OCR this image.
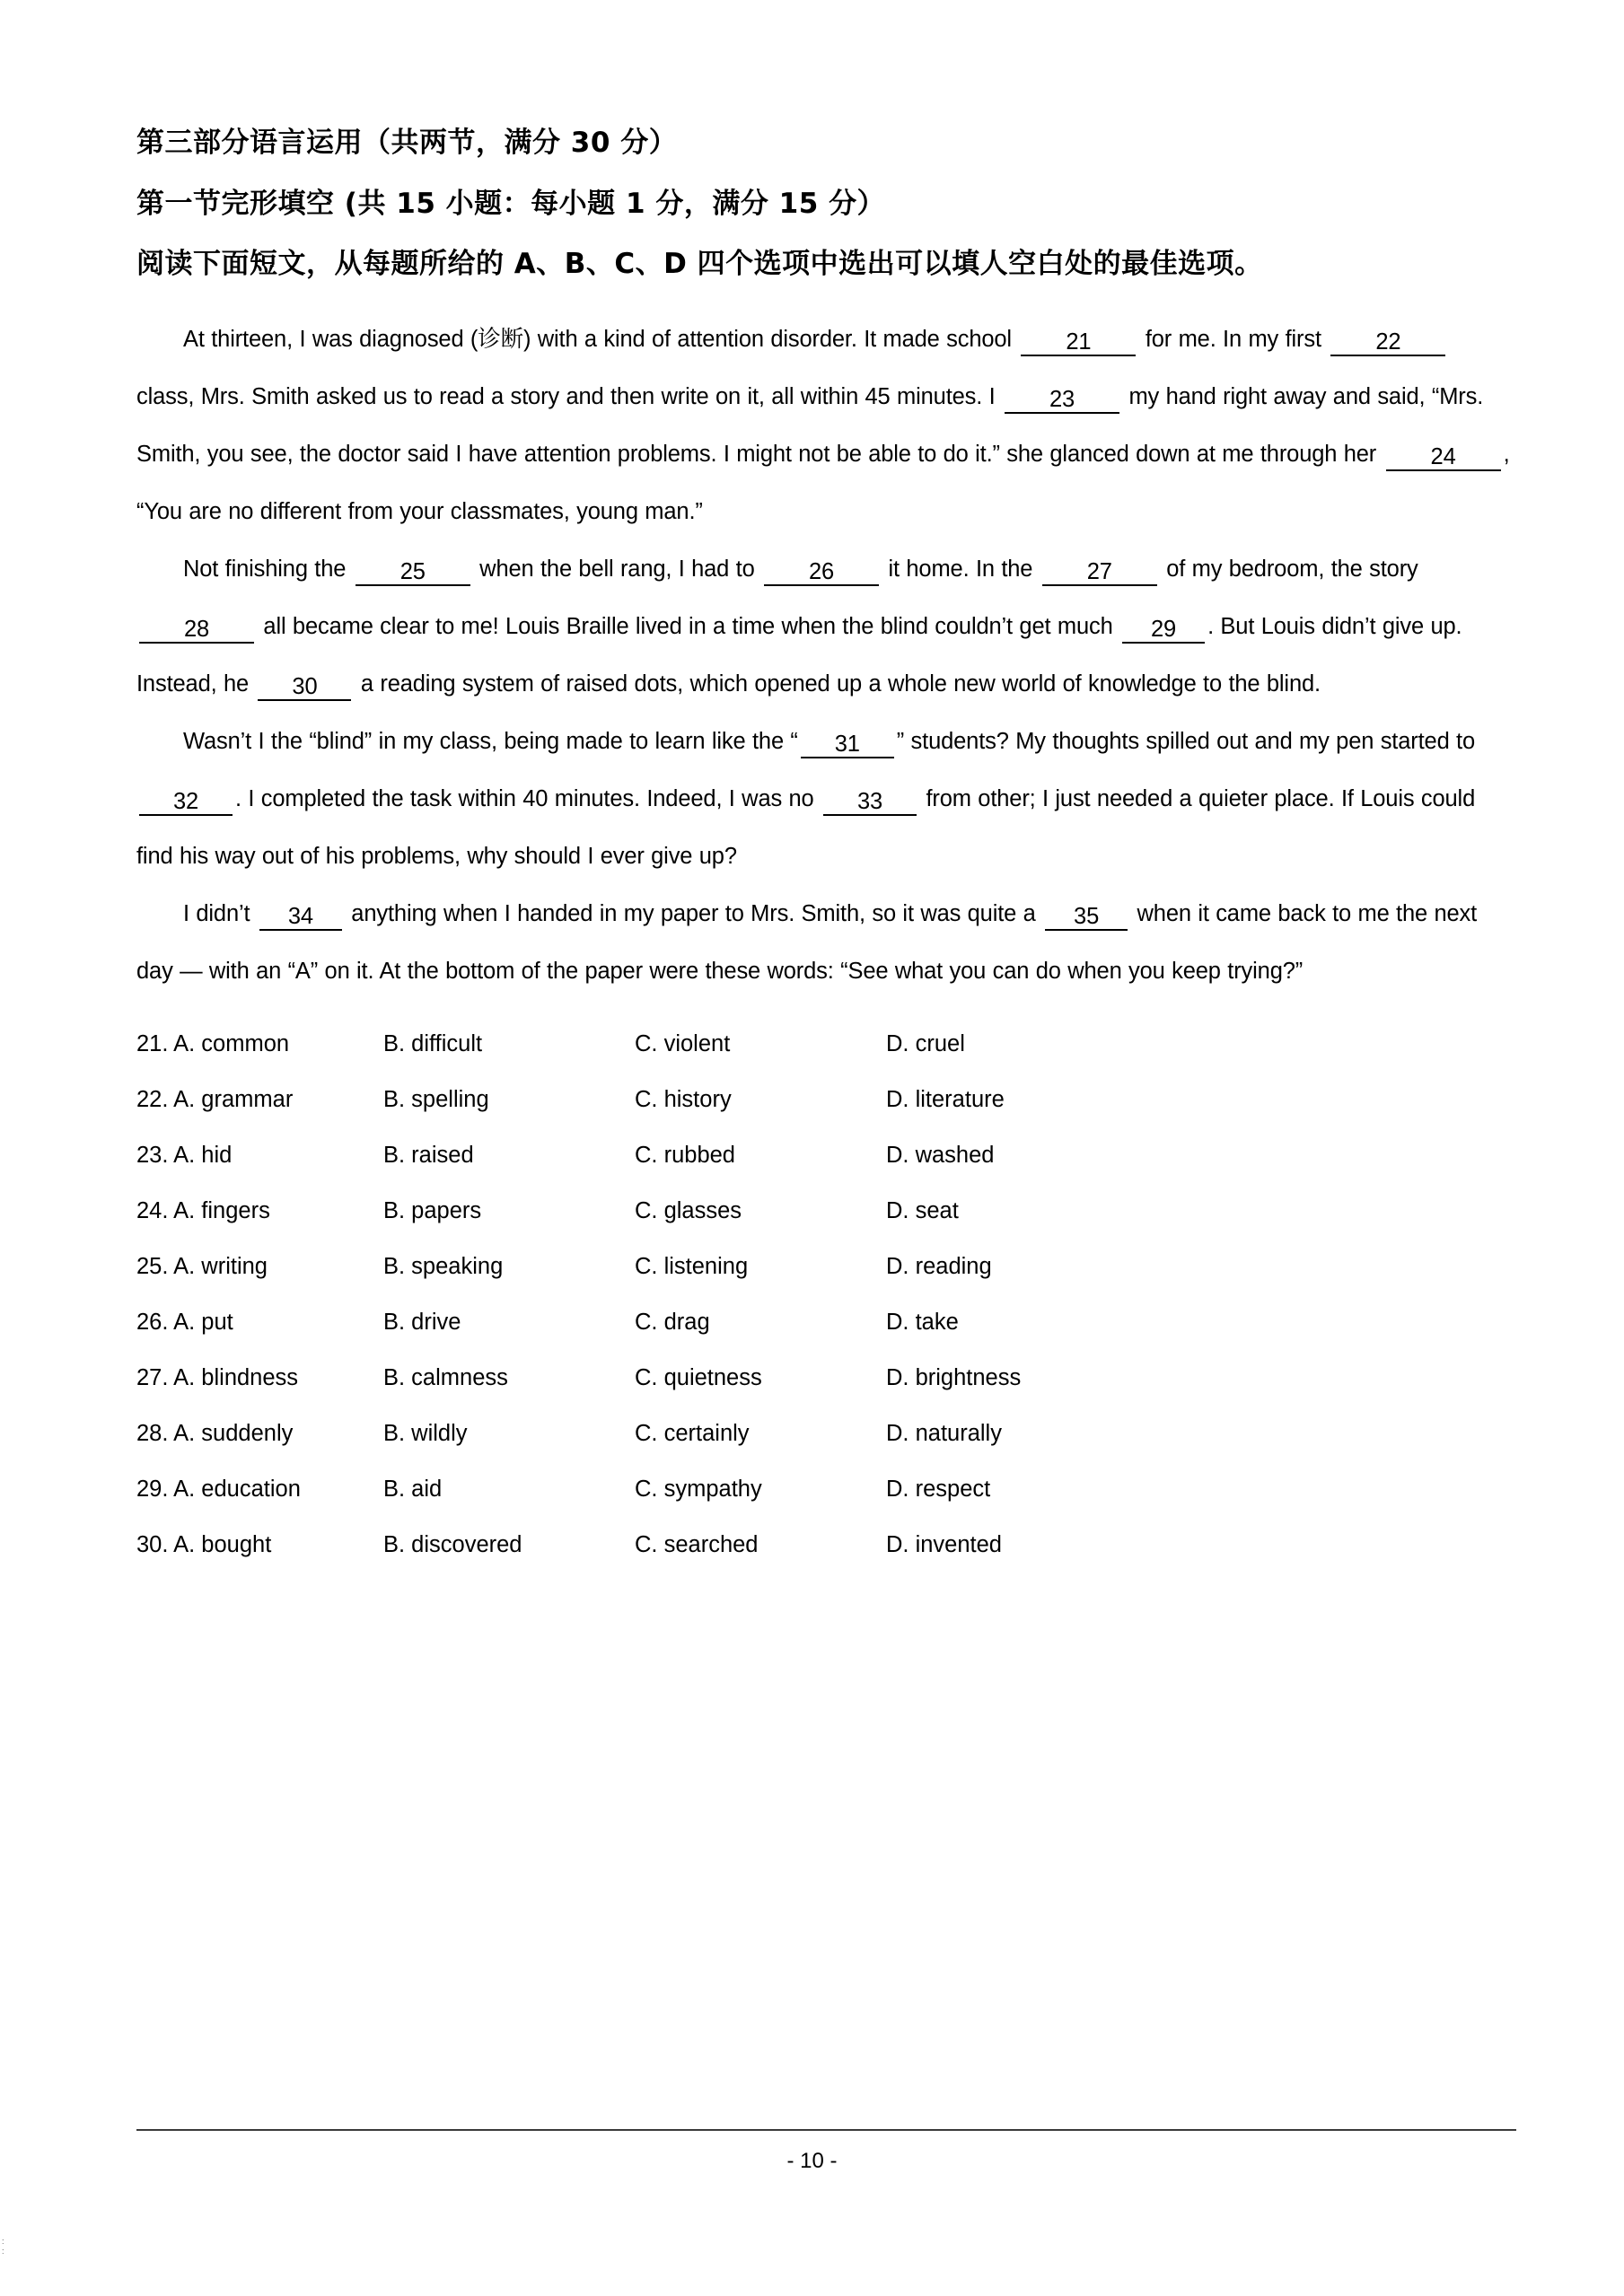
第三部分语言运用（共两节，满分 30 分）
第一节完形填空 (共 15 小题：每小题 1 分，满分 15 分）
阅读下面短文，从每题所给的 A、B、C、D 四个选项中选出可以填人空白处的最佳选项。

At thirteen, I was diagnosed (诊断) with a kind of attention disorder. It made school 21 for me. In my first 22 class, Mrs. Smith asked us to read a story and then write on it, all within 45 minutes. I 23 my hand right away and said, “Mrs. Smith, you see, the doctor said I have attention problems. I might not be able to do it.” she glanced down at me through her 24 , “You are no different from your classmates, young man.”

Not finishing the 25 when the bell rang, I had to 26 it home. In the 27 of my bedroom, the story 28 all became clear to me! Louis Braille lived in a time when the blind couldn’t get much 29 . But Louis didn’t give up. Instead, he 30 a reading system of raised dots, which opened up a whole new world of knowledge to the blind.

Wasn’t I the “blind” in my class, being made to learn like the “ 31 ” students? My thoughts spilled out and my pen started to 32 . I completed the task within 40 minutes. Indeed, I was no 33 from other; I just needed a quieter place. If Louis could find his way out of his problems, why should I ever give up?

I didn’t 34 anything when I handed in my paper to Mrs. Smith, so it was quite a 35 when it came back to me the next day — with an “A” on it. At the bottom of the paper were these words: “See what you can do when you keep trying?”

21. A. common	B. difficult	C. violent	D. cruel
22. A. grammar	B. spelling	C. history	D. literature
23. A. hid	B. raised	C. rubbed	D. washed
24. A. fingers	B. papers	C. glasses	D. seat
25. A. writing	B. speaking	C. listening	D. reading
26. A. put	B. drive	C. drag	D. take
27. A. blindness	B. calmness	C. quietness	D. brightness
28. A. suddenly	B. wildly	C. certainly	D. naturally
29. A. education	B. aid	C. sympathy	D. respect
30. A. bought	B. discovered	C. searched	D. invented
- 10 -
:
:
